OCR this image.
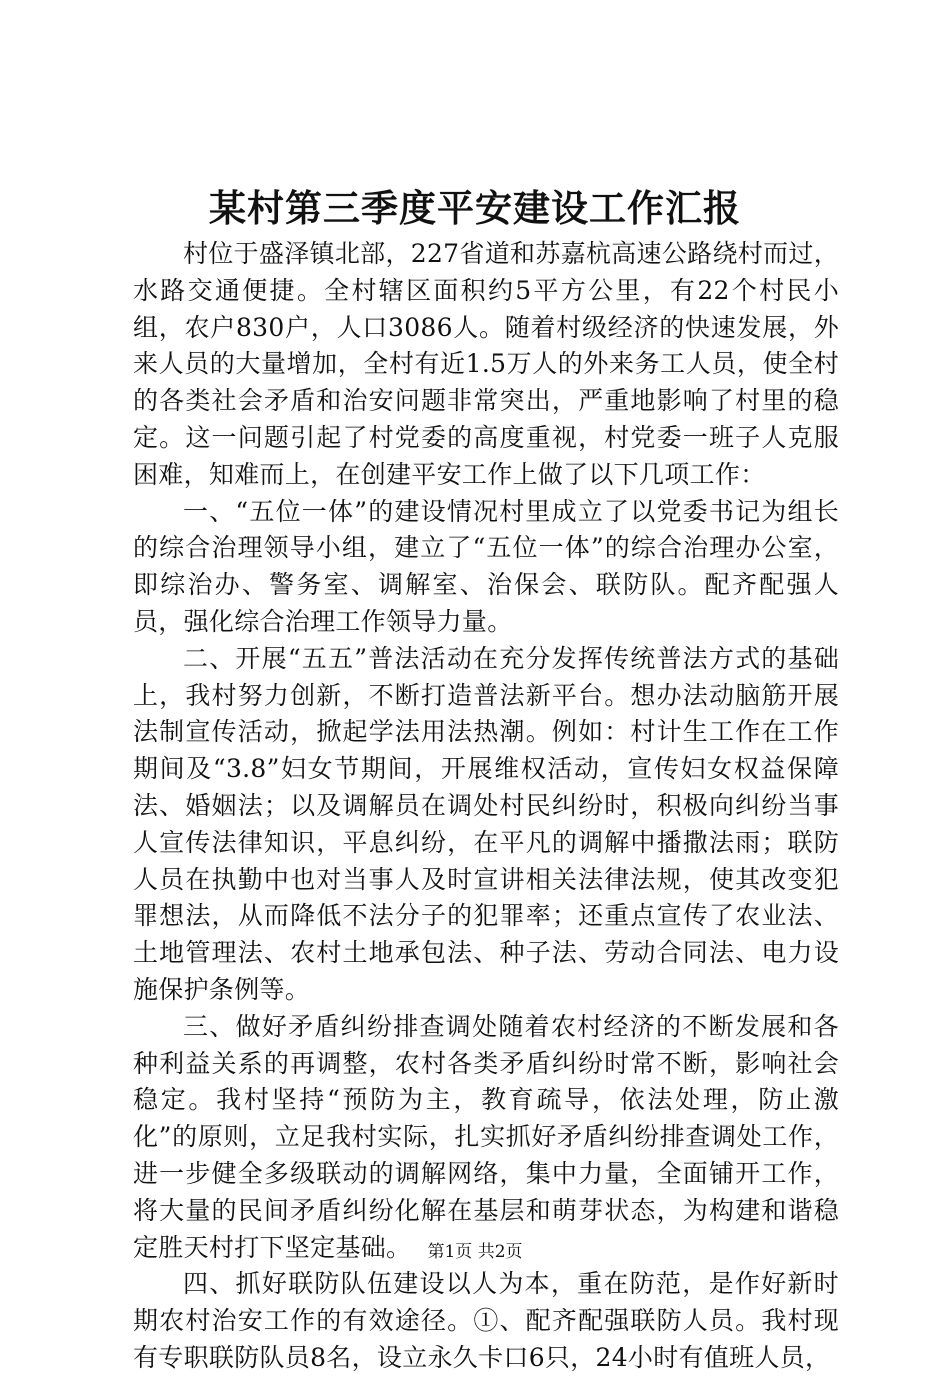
某村第三季度平安建设工作汇报

村位于盛泽镇北部，227省道和苏嘉杭高速公路绕村而过，水路交通便捷。全村辖区面积约5平方公里，有22个村民小组，农户830户，人口3086人。随着村级经济的快速发展，外来人员的大量增加，全村有近1.5万人的外来务工人员，使全村的各类社会矛盾和治安问题非常突出，严重地影响了村里的稳定。这一问题引起了村党委的高度重视，村党委一班子人克服困难，知难而上，在创建平安工作上做了以下几项工作：

一、“五位一体”的建设情况村里成立了以党委书记为组长的综合治理领导小组，建立了“五位一体”的综合治理办公室，即综治办、警务室、调解室、治保会、联防队。配齐配强人员，强化综合治理工作领导力量。

二、开展“五五”普法活动在充分发挥传统普法方式的基础上，我村努力创新，不断打造普法新平台。想办法动脑筋开展法制宣传活动，掀起学法用法热潮。例如：村计生工作在工作期间及“3.8”妇女节期间，开展维权活动，宣传妇女权益保障法、婚姻法；以及调解员在调处村民纠纷时，积极向纠纷当事人宣传法律知识，平息纠纷，在平凡的调解中播撒法雨；联防人员在执勤中也对当事人及时宣讲相关法律法规，使其改变犯罪想法，从而降低不法分子的犯罪率；还重点宣传了农业法、土地管理法、农村土地承包法、种子法、劳动合同法、电力设施保护条例等。

三、做好矛盾纠纷排查调处随着农村经济的不断发展和各种利益关系的再调整，农村各类矛盾纠纷时常不断，影响社会稳定。我村坚持“预防为主，教育疏导，依法处理，防止激化”的原则，立足我村实际，扎实抓好矛盾纠纷排查调处工作，进一步健全多级联动的调解网络，集中力量，全面铺开工作，将大量的民间矛盾纠纷化解在基层和萌芽状态，为构建和谐稳定胜天村打下坚定基础。

四、抓好联防队伍建设以人为本，重在防范，是作好新时期农村治安工作的有效途径。①、配齐配强联防人员。我村现有专职联防队员8名，设立永久卡口6只，24小时有值班人员，

第1页 共2页
